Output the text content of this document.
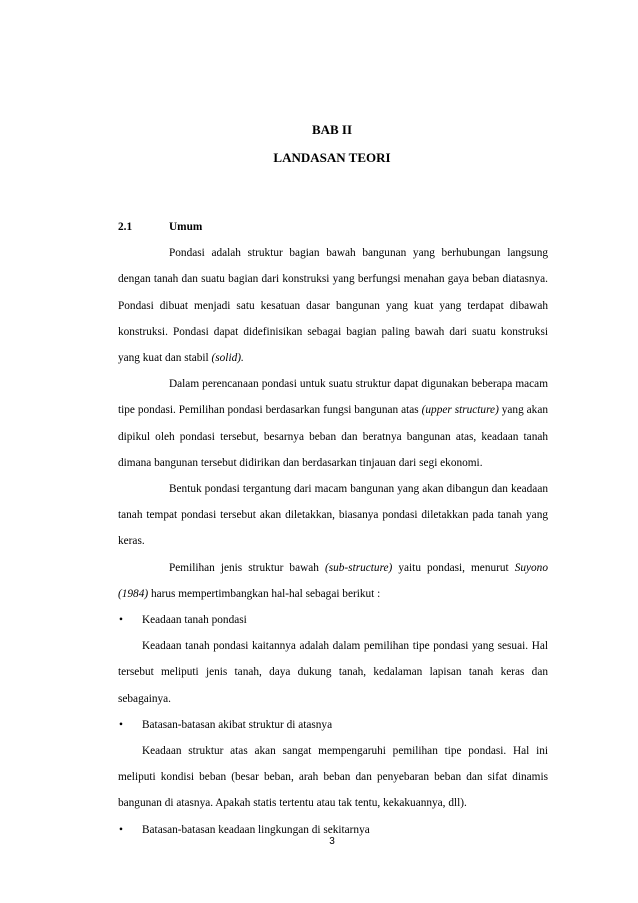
BAB II
LANDASAN TEORI
2.1	Umum

Pondasi adalah struktur bagian bawah bangunan yang berhubungan langsung dengan tanah dan suatu bagian dari konstruksi yang berfungsi menahan gaya beban diatasnya. Pondasi dibuat menjadi satu kesatuan dasar bangunan yang kuat yang terdapat dibawah konstruksi. Pondasi dapat didefinisikan sebagai bagian paling bawah dari suatu konstruksi yang kuat dan stabil (solid).

Dalam perencanaan pondasi untuk suatu struktur dapat digunakan beberapa macam tipe pondasi. Pemilihan pondasi berdasarkan fungsi bangunan atas (upper structure) yang akan dipikul oleh pondasi tersebut, besarnya beban dan beratnya bangunan atas, keadaan tanah dimana bangunan tersebut didirikan dan berdasarkan tinjauan dari segi ekonomi.

Bentuk pondasi tergantung dari macam bangunan yang akan dibangun dan keadaan tanah tempat pondasi tersebut akan diletakkan, biasanya pondasi diletakkan pada tanah yang keras.

Pemilihan jenis struktur bawah (sub-structure) yaitu pondasi, menurut Suyono (1984) harus mempertimbangkan hal-hal sebagai berikut :

• Keadaan tanah pondasi

Keadaan tanah pondasi kaitannya adalah dalam pemilihan tipe pondasi yang sesuai. Hal tersebut meliputi jenis tanah, daya dukung tanah, kedalaman lapisan tanah keras dan sebagainya.

• Batasan-batasan akibat struktur di atasnya

Keadaan struktur atas akan sangat mempengaruhi pemilihan tipe pondasi. Hal ini meliputi kondisi beban (besar beban, arah beban dan penyebaran beban dan sifat dinamis bangunan di atasnya. Apakah statis tertentu atau tak tentu, kekakuannya, dll).

• Batasan-batasan keadaan lingkungan di sekitarnya
3
